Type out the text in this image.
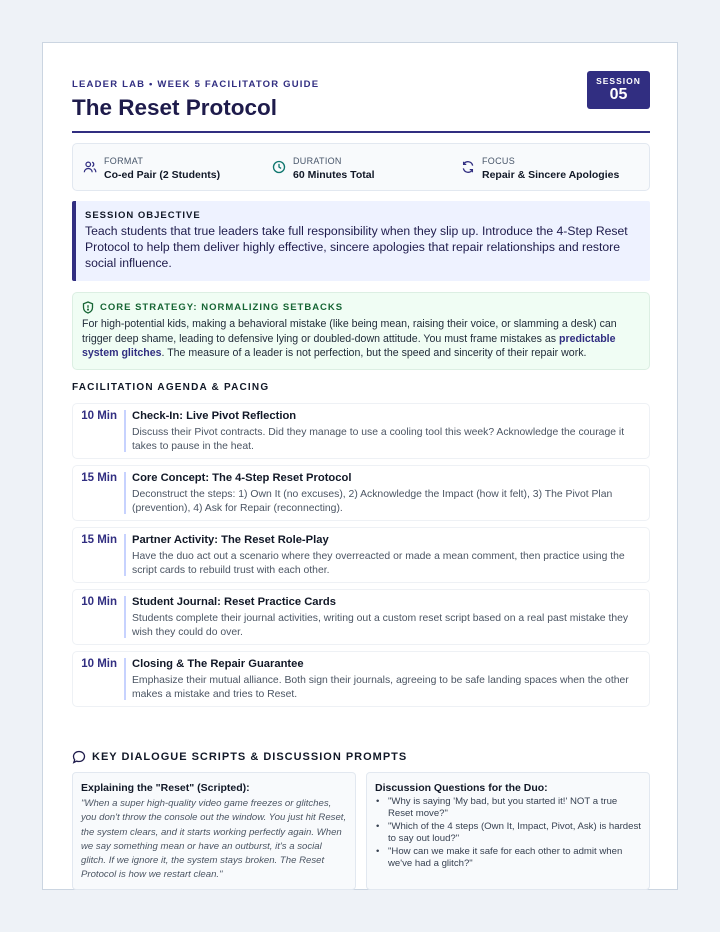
LEADER LAB • WEEK 5 FACILITATOR GUIDE
The Reset Protocol
SESSION
05
FORMAT
Co-ed Pair (2 Students)
DURATION
60 Minutes Total
FOCUS
Repair & Sincere Apologies
SESSION OBJECTIVE
Teach students that true leaders take full responsibility when they slip up. Introduce the 4-Step Reset Protocol to help them deliver highly effective, sincere apologies that repair relationships and restore social influence.
CORE STRATEGY: NORMALIZING SETBACKS
For high-potential kids, making a behavioral mistake (like being mean, raising their voice, or slamming a desk) can trigger deep shame, leading to defensive lying or doubled-down attitude. You must frame mistakes as predictable system glitches. The measure of a leader is not perfection, but the speed and sincerity of their repair work.
FACILITATION AGENDA & PACING
10 Min Check-In: Live Pivot Reflection
Discuss their Pivot contracts. Did they manage to use a cooling tool this week? Acknowledge the courage it takes to pause in the heat.
15 Min Core Concept: The 4-Step Reset Protocol
Deconstruct the steps: 1) Own It (no excuses), 2) Acknowledge the Impact (how it felt), 3) The Pivot Plan (prevention), 4) Ask for Repair (reconnecting).
15 Min Partner Activity: The Reset Role-Play
Have the duo act out a scenario where they overreacted or made a mean comment, then practice using the script cards to rebuild trust with each other.
10 Min Student Journal: Reset Practice Cards
Students complete their journal activities, writing out a custom reset script based on a real past mistake they wish they could do over.
10 Min Closing & The Repair Guarantee
Emphasize their mutual alliance. Both sign their journals, agreeing to be safe landing spaces when the other makes a mistake and tries to Reset.
KEY DIALOGUE SCRIPTS & DISCUSSION PROMPTS
Explaining the "Reset" (Scripted):
"When a super high-quality video game freezes or glitches, you don't throw the console out the window. You just hit Reset, the system clears, and it starts working perfectly again. When we say something mean or have an outburst, it's a social glitch. If we ignore it, the system stays broken. The Reset Protocol is how we restart clean."
Discussion Questions for the Duo:
• "Why is saying 'My bad, but you started it!' NOT a true Reset move?"
• "Which of the 4 steps (Own It, Impact, Pivot, Ask) is hardest to say out loud?"
• "How can we make it safe for each other to admit when we've had a glitch?"
